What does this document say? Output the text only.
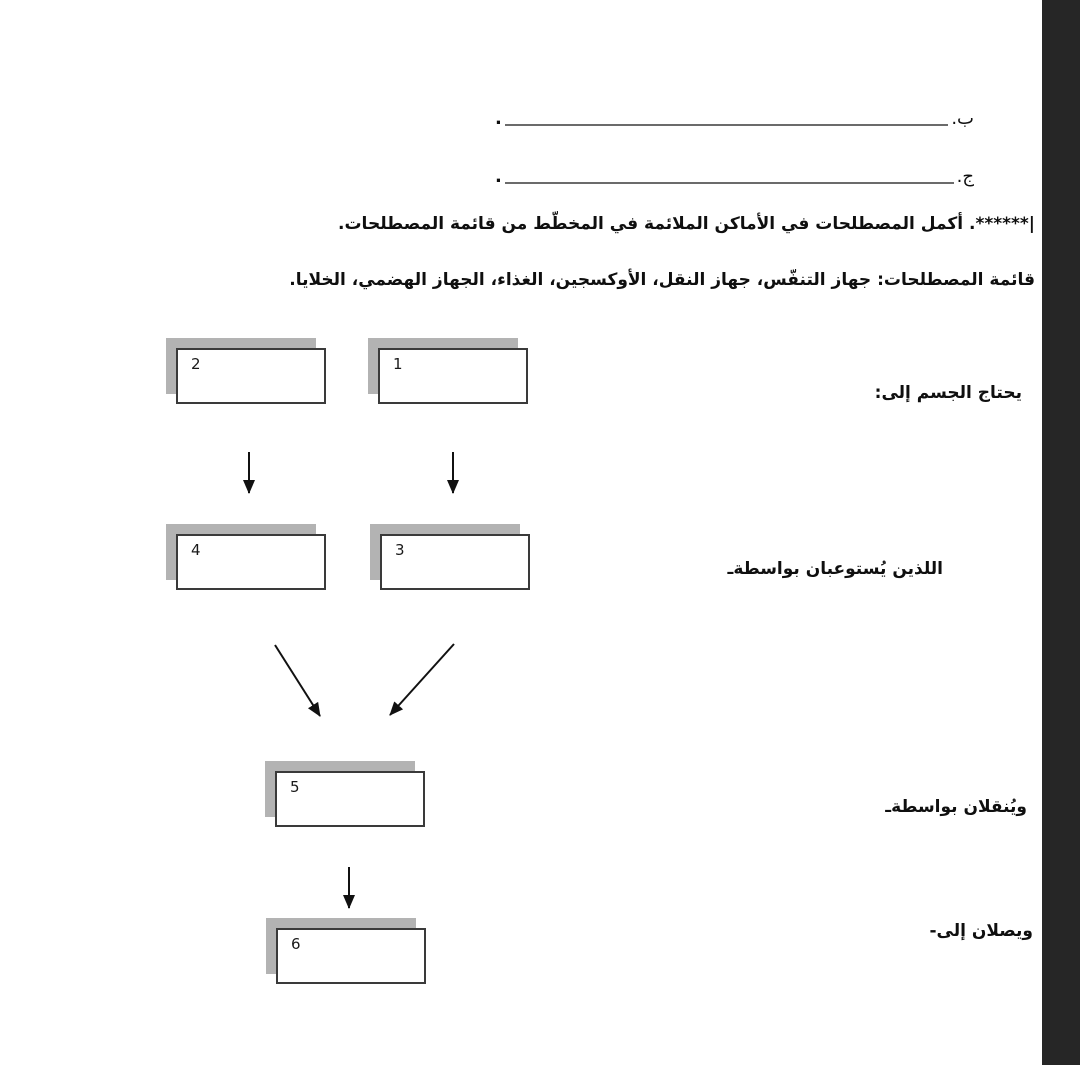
ب.
.
ج.
.
|******. أكمل المصطلحات في الأماكن الملائمة في المخطّط من قائمة المصطلحات.
قائمة المصطلحات: جهاز التنفّس، جهاز النقل، الأوكسجين، الغذاء، الجهاز الهضمي، الخلايا.
1
2
3
4
5
6
يحتاج الجسم إلى:
اللذين يُستوعبان بواسطةـ
ويُنقلان بواسطةـ
ويصلان إلى-
